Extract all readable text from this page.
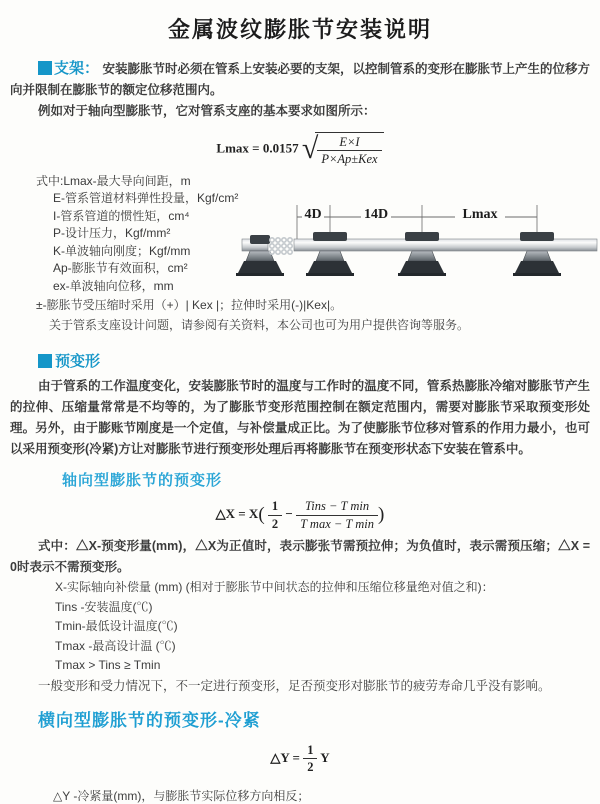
金属波纹膨胀节安装说明

支架： 安装膨胀节时必须在管系上安装必要的支架，以控制管系的变形在膨胀节上产生的位移方向并限制在膨胀节的额定位移范围内。

例如对于轴向型膨胀节，它对管系支座的基本要求如图所示：

Lmax = 0.0157 √ $\frac{E\times I}{\text{P×Ap±Kex}}$
式中:Lmax-最大导向间距，m
E-管系管道材料弹性投量，Kgf/cm²
I-管系管道的惯性矩，cm⁴
P-设计压力，Kgf/mm²
K-单波轴向刚度；Kgf/mm
Ap-膨胀节有效面积，cm²
ex-单波轴向位移，mm
4D	14D	Lmax
±-膨胀节受压缩时采用（+）| Kex |；拉伸时采用(-)|Kex|。
关于管系支座设计问题，请参阅有关资料，本公司也可为用户提供咨询等服务。
预变形

由于管系的工作温度变化，安装膨胀节时的温度与工作时的温度不同，管系热膨胀冷缩对膨胀节产生的拉伸、压缩量常常是不均等的，为了膨胀节变形范围控制在额定范围内，需要对膨胀节采取预变形处理。另外，由于膨账节刚度是一个定值，与补偿量成正比。为了使膨胀节位移对管系的作用力最小，也可以采用预变形(冷紧)方让对膨胀节进行预变形处理后再将膨胀节在预变形状态下安装在管系中。

轴向型膨胀节的预变形
△X = $X( \frac{1}{2} - \frac{\text{Tins − T min}}{\text{T max − T min}}$ )

式中：△X-预变形量(mm)，△X为正值时，表示膨张节需预拉伸；为负值时，表示需预压缩；△X = 0时表示不需预变形。

X-实际轴向补偿量 (mm) (相对于膨胀节中间状态的拉伸和压缩位移量绝对值之和)：
Tins -安装温度(℃)
Tmin-最低设计温度(℃)
Tmax -最高设计温 (℃)
Tmax > Tins ≥ Tmin
一般变形和受力情况下，不一定进行预变形，足否预变形对膨胀节的疲劳寿命几乎没有影响。
横向型膨胀节的预变形-冷紧
△Y = $\frac{1}{2}$ Y
△Y -冷紧量(mm)，与膨胀节实际位移方向相反；
